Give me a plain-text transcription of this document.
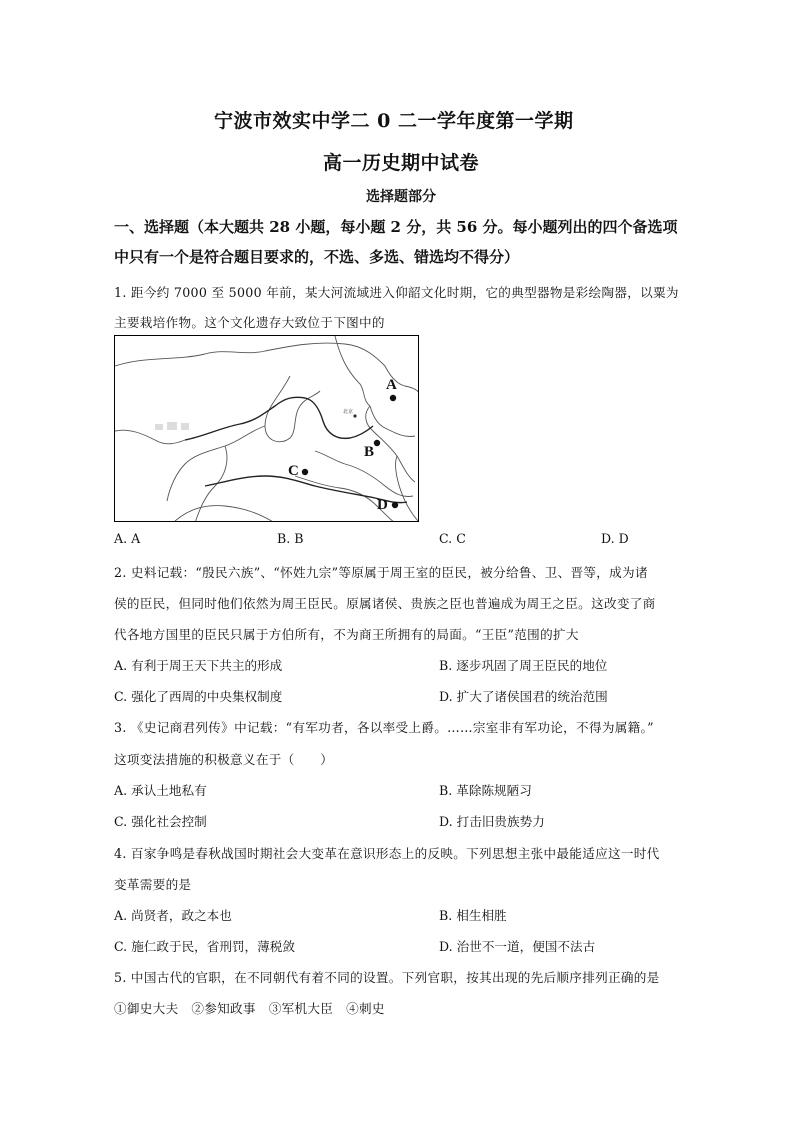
宁波市效实中学二 0 二一学年度第一学期
高一历史期中试卷
选择题部分
一、选择题（本大题共 28 小题，每小题 2 分，共 56 分。每小题列出的四个备选项
中只有一个是符合题目要求的，不选、多选、错选均不得分）
1. 距今约 7000 至 5000 年前，某大河流域进入仰韶文化时期，它的典型器物是彩绘陶器，以粟为
主要栽培作物。这个文化遗存大致位于下图中的
A
B
C
D
北京
A. A	B. B	C. C	D. D
2. 史料记载：“殷民六族”、“怀姓九宗”等原属于周王室的臣民，被分给鲁、卫、晋等，成为诸
侯的臣民，但同时他们依然为周王臣民。原属诸侯、贵族之臣也普遍成为周王之臣。这改变了商
代各地方国里的臣民只属于方伯所有，不为商王所拥有的局面。“王臣”范围的扩大
A. 有利于周王天下共主的形成	B. 逐步巩固了周王臣民的地位
C. 强化了西周的中央集权制度	D. 扩大了诸侯国君的统治范围
3. 《史记商君列传》中记载：“有军功者，各以率受上爵。……宗室非有军功论，不得为属籍。”
这项变法措施的积极意义在于（　　）
A. 承认土地私有	B. 革除陈规陋习
C. 强化社会控制	D. 打击旧贵族势力
4. 百家争鸣是春秋战国时期社会大变革在意识形态上的反映。下列思想主张中最能适应这一时代
变革需要的是
A. 尚贤者，政之本也	B. 相生相胜
C. 施仁政于民，省刑罚，薄税敛	D. 治世不一道，便国不法古
5. 中国古代的官职，在不同朝代有着不同的设置。下列官职，按其出现的先后顺序排列正确的是
①御史大夫　②参知政事　③军机大臣　④刺史
